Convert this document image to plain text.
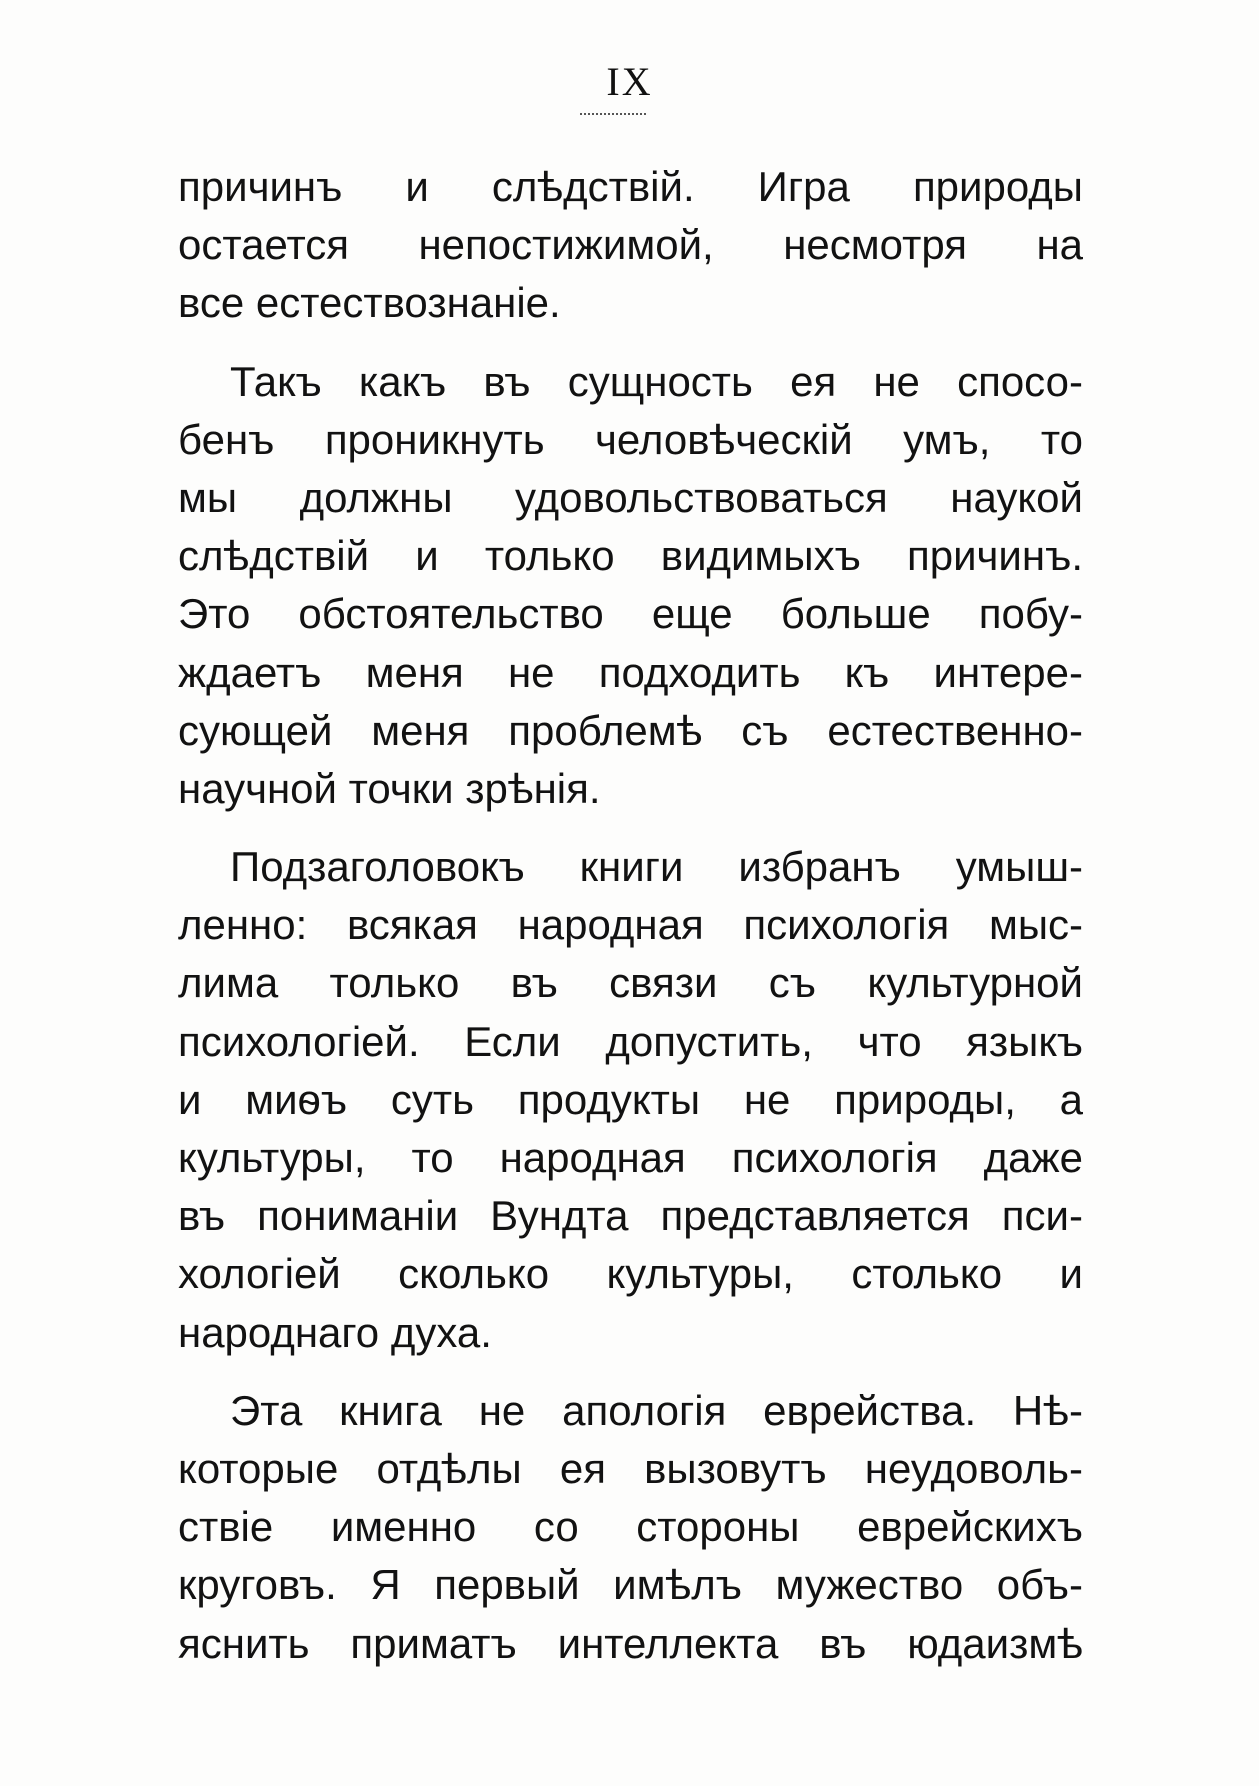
IX
причинъ и слѣдствій. Игра природы
остается непостижимой, несмотря на
все естествознаніе.
Такъ какъ въ сущность ея не спосо-
бенъ проникнуть человѣческій умъ, то
мы должны удовольствоваться наукой
слѣдствій и только видимыхъ причинъ.
Это обстоятельство еще больше побу-
ждаетъ меня не подходить къ интере-
сующей меня проблемѣ съ естественно-
научной точки зрѣнія.
Подзаголовокъ книги избранъ умыш-
ленно: всякая народная психологія мыс-
лима только въ связи съ культурной
психологіей. Если допустить, что языкъ
и миѳъ суть продукты не природы, а
культуры, то народная психологія даже
въ пониманіи Вундта представляется пси-
хологіей сколько культуры, столько и
народнаго духа.
Эта книга не апологія еврейства. Нѣ-
которые отдѣлы ея вызовутъ неудоволь-
ствіе именно со стороны еврейскихъ
круговъ. Я первый имѣлъ мужество объ-
яснить приматъ интеллекта въ юдаизмѣ
